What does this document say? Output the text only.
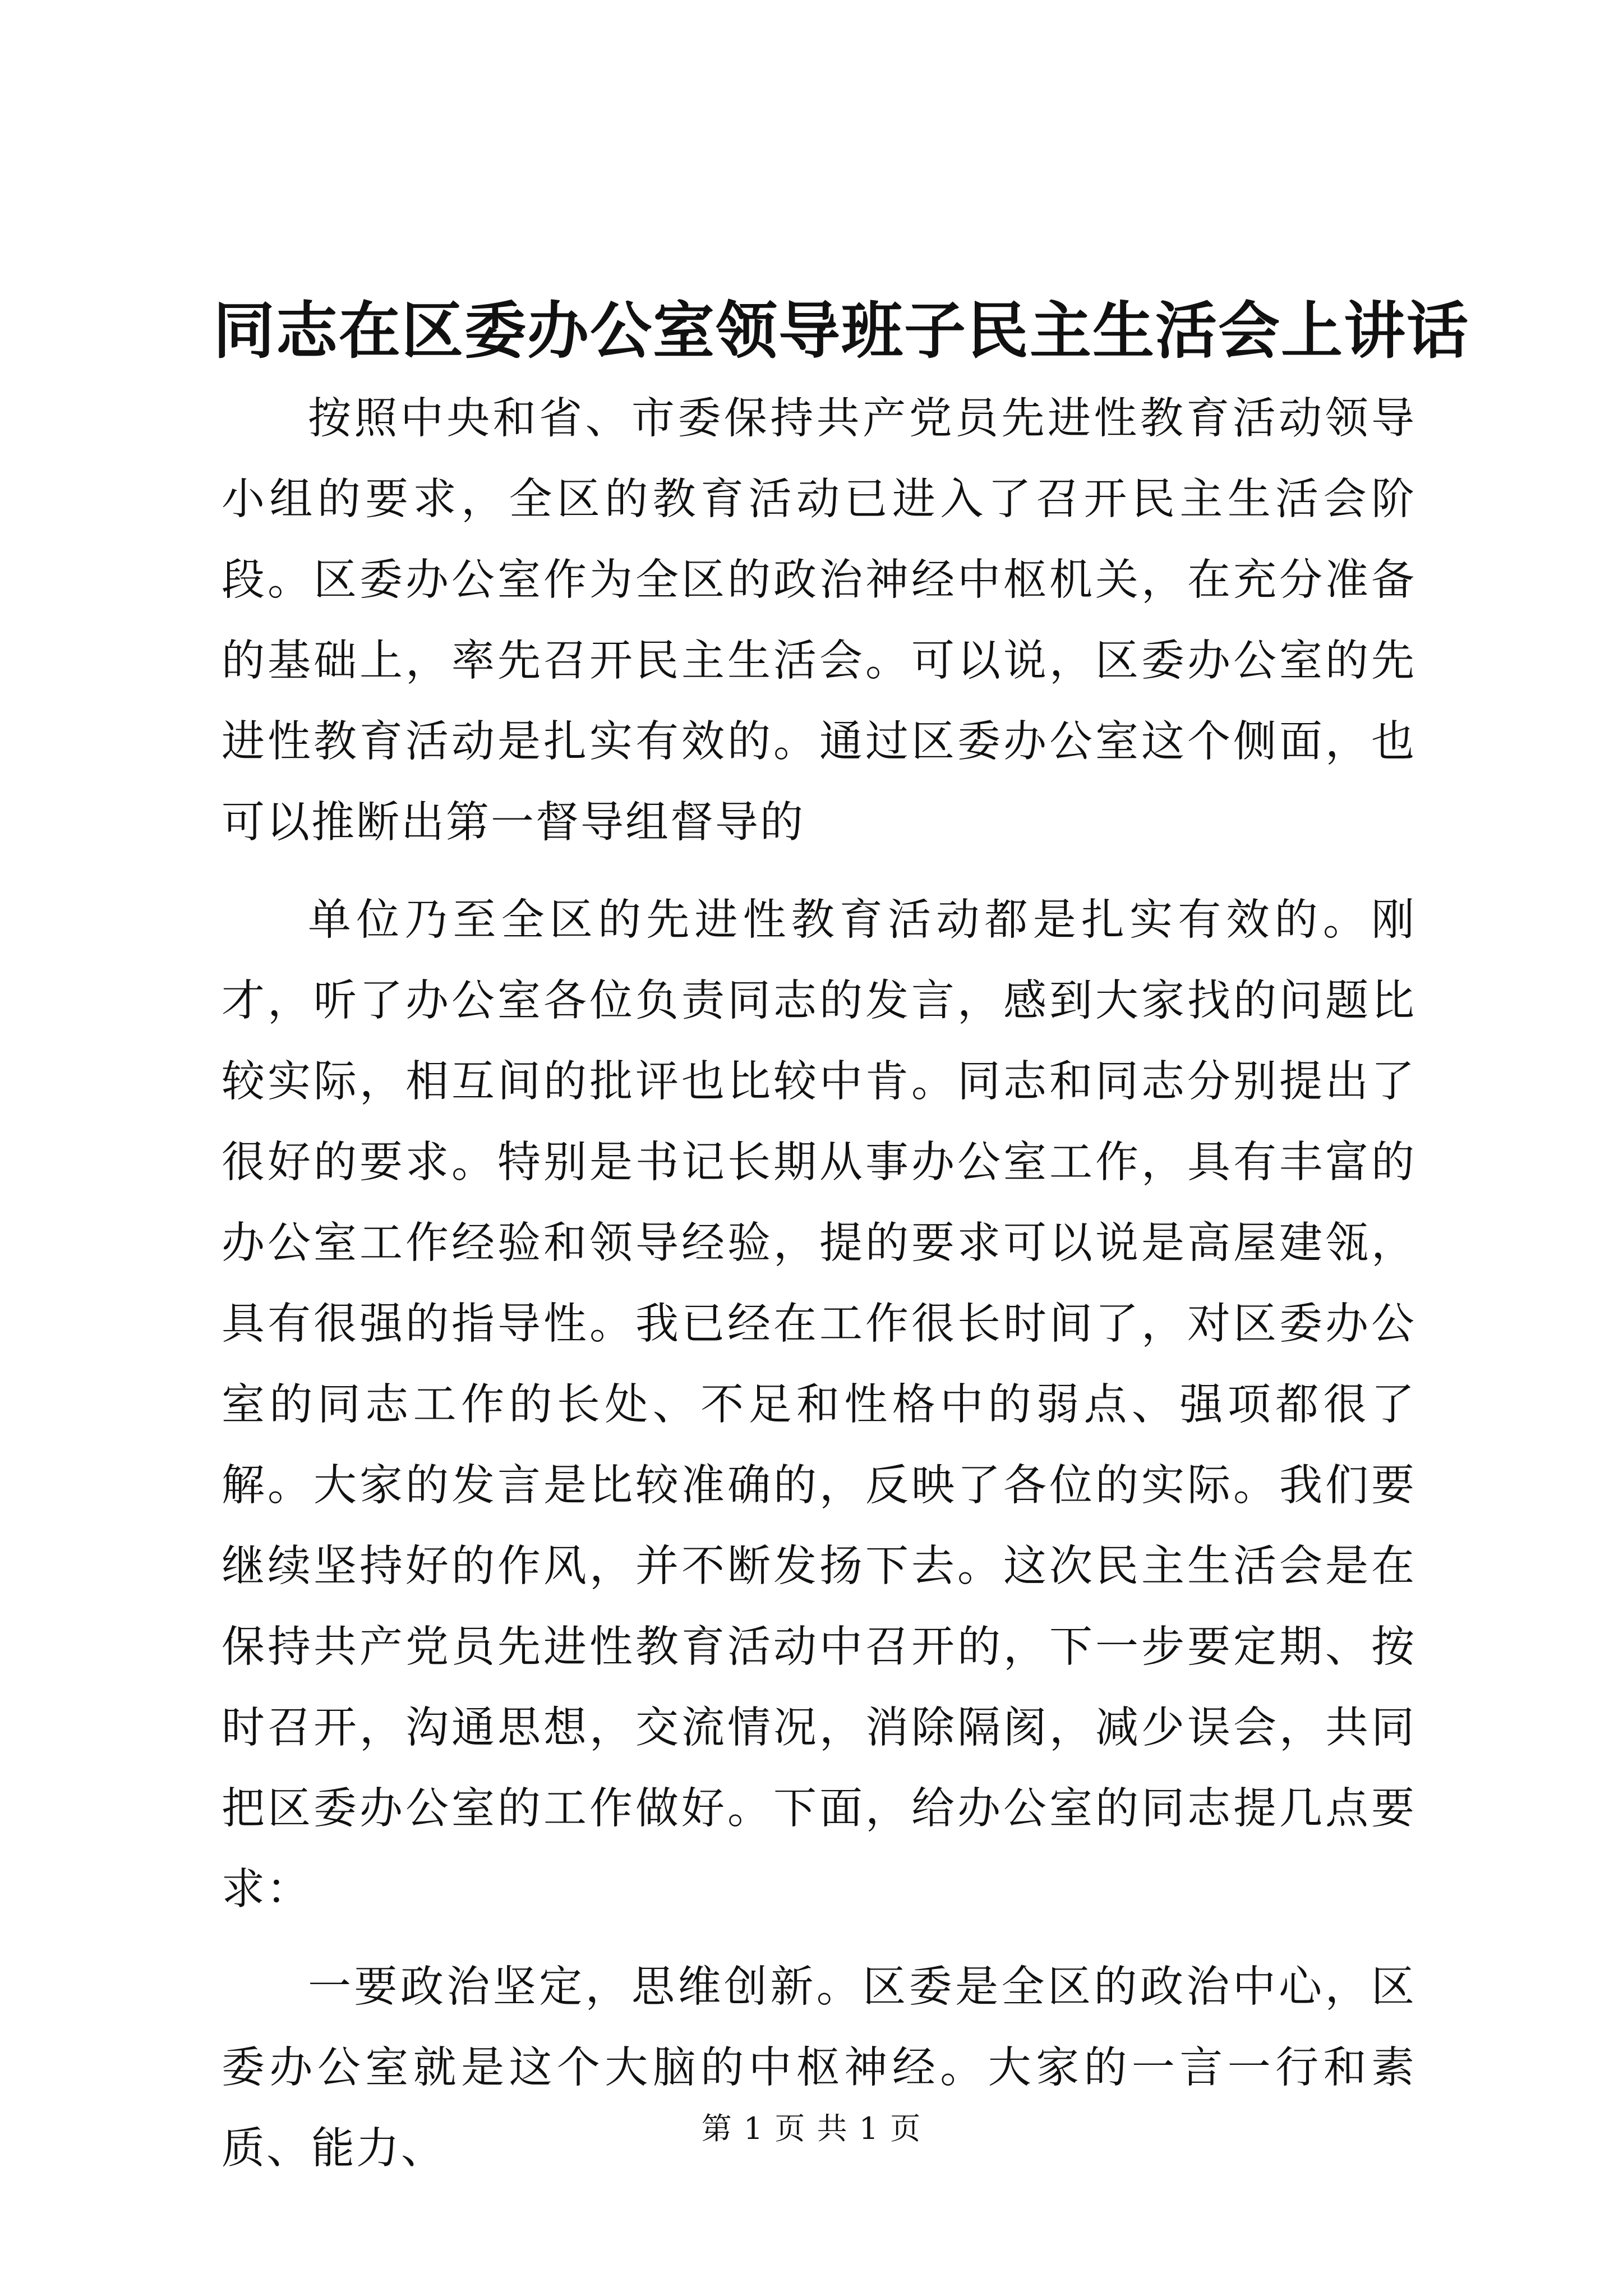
同志在区委办公室领导班子民主生活会上讲话

按照中央和省、市委保持共产党员先进性教育活动领导小组的要求，全区的教育活动已进入了召开民主生活会阶段。区委办公室作为全区的政治神经中枢机关，在充分准备的基础上，率先召开民主生活会。可以说，区委办公室的先进性教育活动是扎实有效的。通过区委办公室这个侧面，也可以推断出第一督导组督导的

单位乃至全区的先进性教育活动都是扎实有效的。刚才，听了办公室各位负责同志的发言，感到大家找的问题比较实际，相互间的批评也比较中肯。同志和同志分别提出了很好的要求。特别是书记长期从事办公室工作，具有丰富的办公室工作经验和领导经验，提的要求可以说是高屋建瓴，具有很强的指导性。我已经在工作很长时间了，对区委办公室的同志工作的长处、不足和性格中的弱点、强项都很了解。大家的发言是比较准确的，反映了各位的实际。我们要继续坚持好的作风，并不断发扬下去。这次民主生活会是在保持共产党员先进性教育活动中召开的，下一步要定期、按时召开，沟通思想，交流情况，消除隔阂，减少误会，共同把区委办公室的工作做好。下面，给办公室的同志提几点要求：

一要政治坚定，思维创新。区委是全区的政治中心，区委办公室就是这个大脑的中枢神经。大家的一言一行和素质、能力、	第 1 页 共 1 页
